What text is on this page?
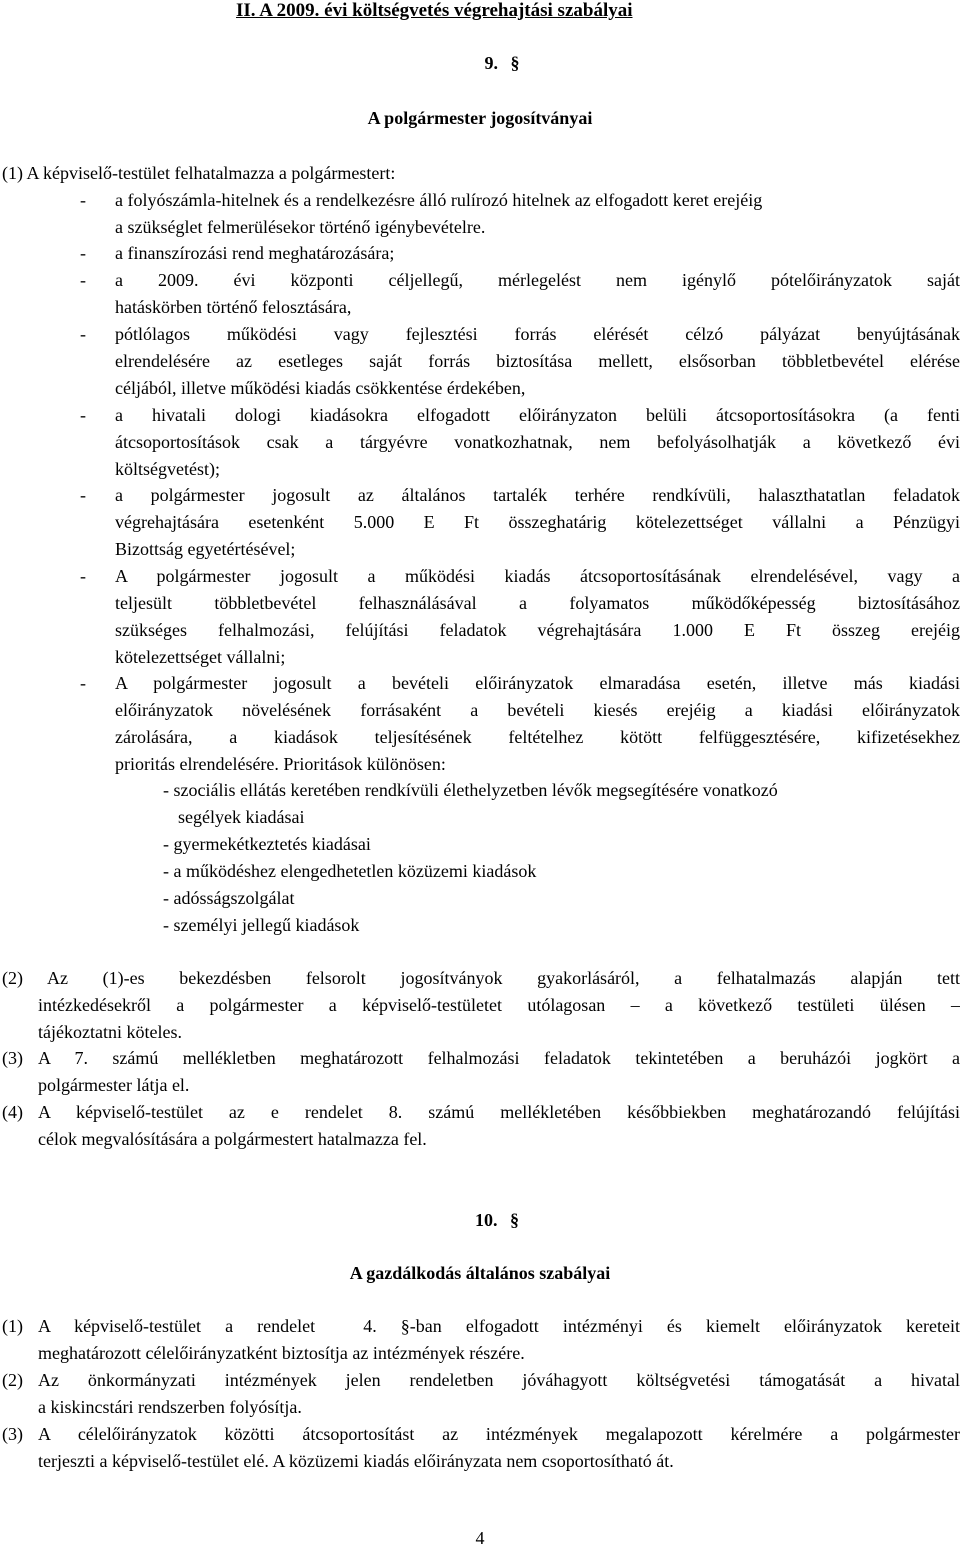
II. A 2009. évi költségvetés végrehajtási szabályai
9. §
A polgármester jogosítványai
(1) A képviselő-testület felhatalmazza a polgármestert:
- a folyószámla-hitelnek és a rendelkezésre álló rulírozó hitelnek az elfogadott keret erejéig
a szükséglet felmerülésekor történő igénybevételre.
- a finanszírozási rend meghatározására;
- a 2009. évi központi céljellegű, mérlegelést nem igénylő pótelőirányzatok saját
hatáskörben történő felosztására,
- pótlólagos működési vagy fejlesztési forrás elérését célzó pályázat benyújtásának
elrendelésére az esetleges saját forrás biztosítása mellett, elsősorban többletbevétel elérése
céljából, illetve működési kiadás csökkentése érdekében,
- a hivatali dologi kiadásokra elfogadott előirányzaton belüli átcsoportosításokra (a fenti
átcsoportosítások csak a tárgyévre vonatkozhatnak, nem befolyásolhatják a következő évi
költségvetést);
- a polgármester jogosult az általános tartalék terhére rendkívüli, halaszthatatlan feladatok
végrehajtására esetenként 5.000 E Ft összeghatárig kötelezettséget vállalni a Pénzügyi
Bizottság egyetértésével;
- A polgármester jogosult a működési kiadás átcsoportosításának elrendelésével, vagy a
teljesült többletbevétel felhasználásával a folyamatos működőképesség biztosításához
szükséges felhalmozási, felújítási feladatok végrehajtására 1.000 E Ft összeg erejéig
kötelezettséget vállalni;
- A polgármester jogosult a bevételi előirányzatok elmaradása esetén, illetve más kiadási
előirányzatok növelésének forrásaként a bevételi kiesés erejéig a kiadási előirányzatok
zárolására, a kiadások teljesítésének feltételhez kötött felfüggesztésére, kifizetésekhez
prioritás elrendelésére. Prioritások különösen:
- szociális ellátás keretében rendkívüli élethelyzetben lévők megsegítésére vonatkozó
segélyek kiadásai
- gyermekétkeztetés kiadásai
- a működéshez elengedhetetlen közüzemi kiadások
- adósságszolgálat
- személyi jellegű kiadások
(2) Az (1)-es bekezdésben felsorolt jogosítványok gyakorlásáról, a felhatalmazás alapján tett
intézkedésekről a polgármester a képviselő-testületet utólagosan – a következő testületi ülésen –
tájékoztatni köteles.
(3) A 7. számú mellékletben meghatározott felhalmozási feladatok tekintetében a beruházói jogkört a
polgármester látja el.
(4) A képviselő-testület az e rendelet 8. számú mellékletében későbbiekben meghatározandó felújítási
célok megvalósítására a polgármestert hatalmazza fel.
10. §
A gazdálkodás általános szabályai
(1) A képviselő-testület a rendelet  4. §-ban elfogadott intézményi és kiemelt előirányzatok kereteit
meghatározott célelőirányzatként biztosítja az intézmények részére.
(2) Az önkormányzati intézmények jelen rendeletben jóváhagyott költségvetési támogatását a hivatal
a kiskincstári rendszerben folyósítja.
(3) A célelőirányzatok közötti átcsoportosítást az intézmények megalapozott kérelmére a polgármester
terjeszti a képviselő-testület elé. A közüzemi kiadás előirányzata nem csoportosítható át.
4
